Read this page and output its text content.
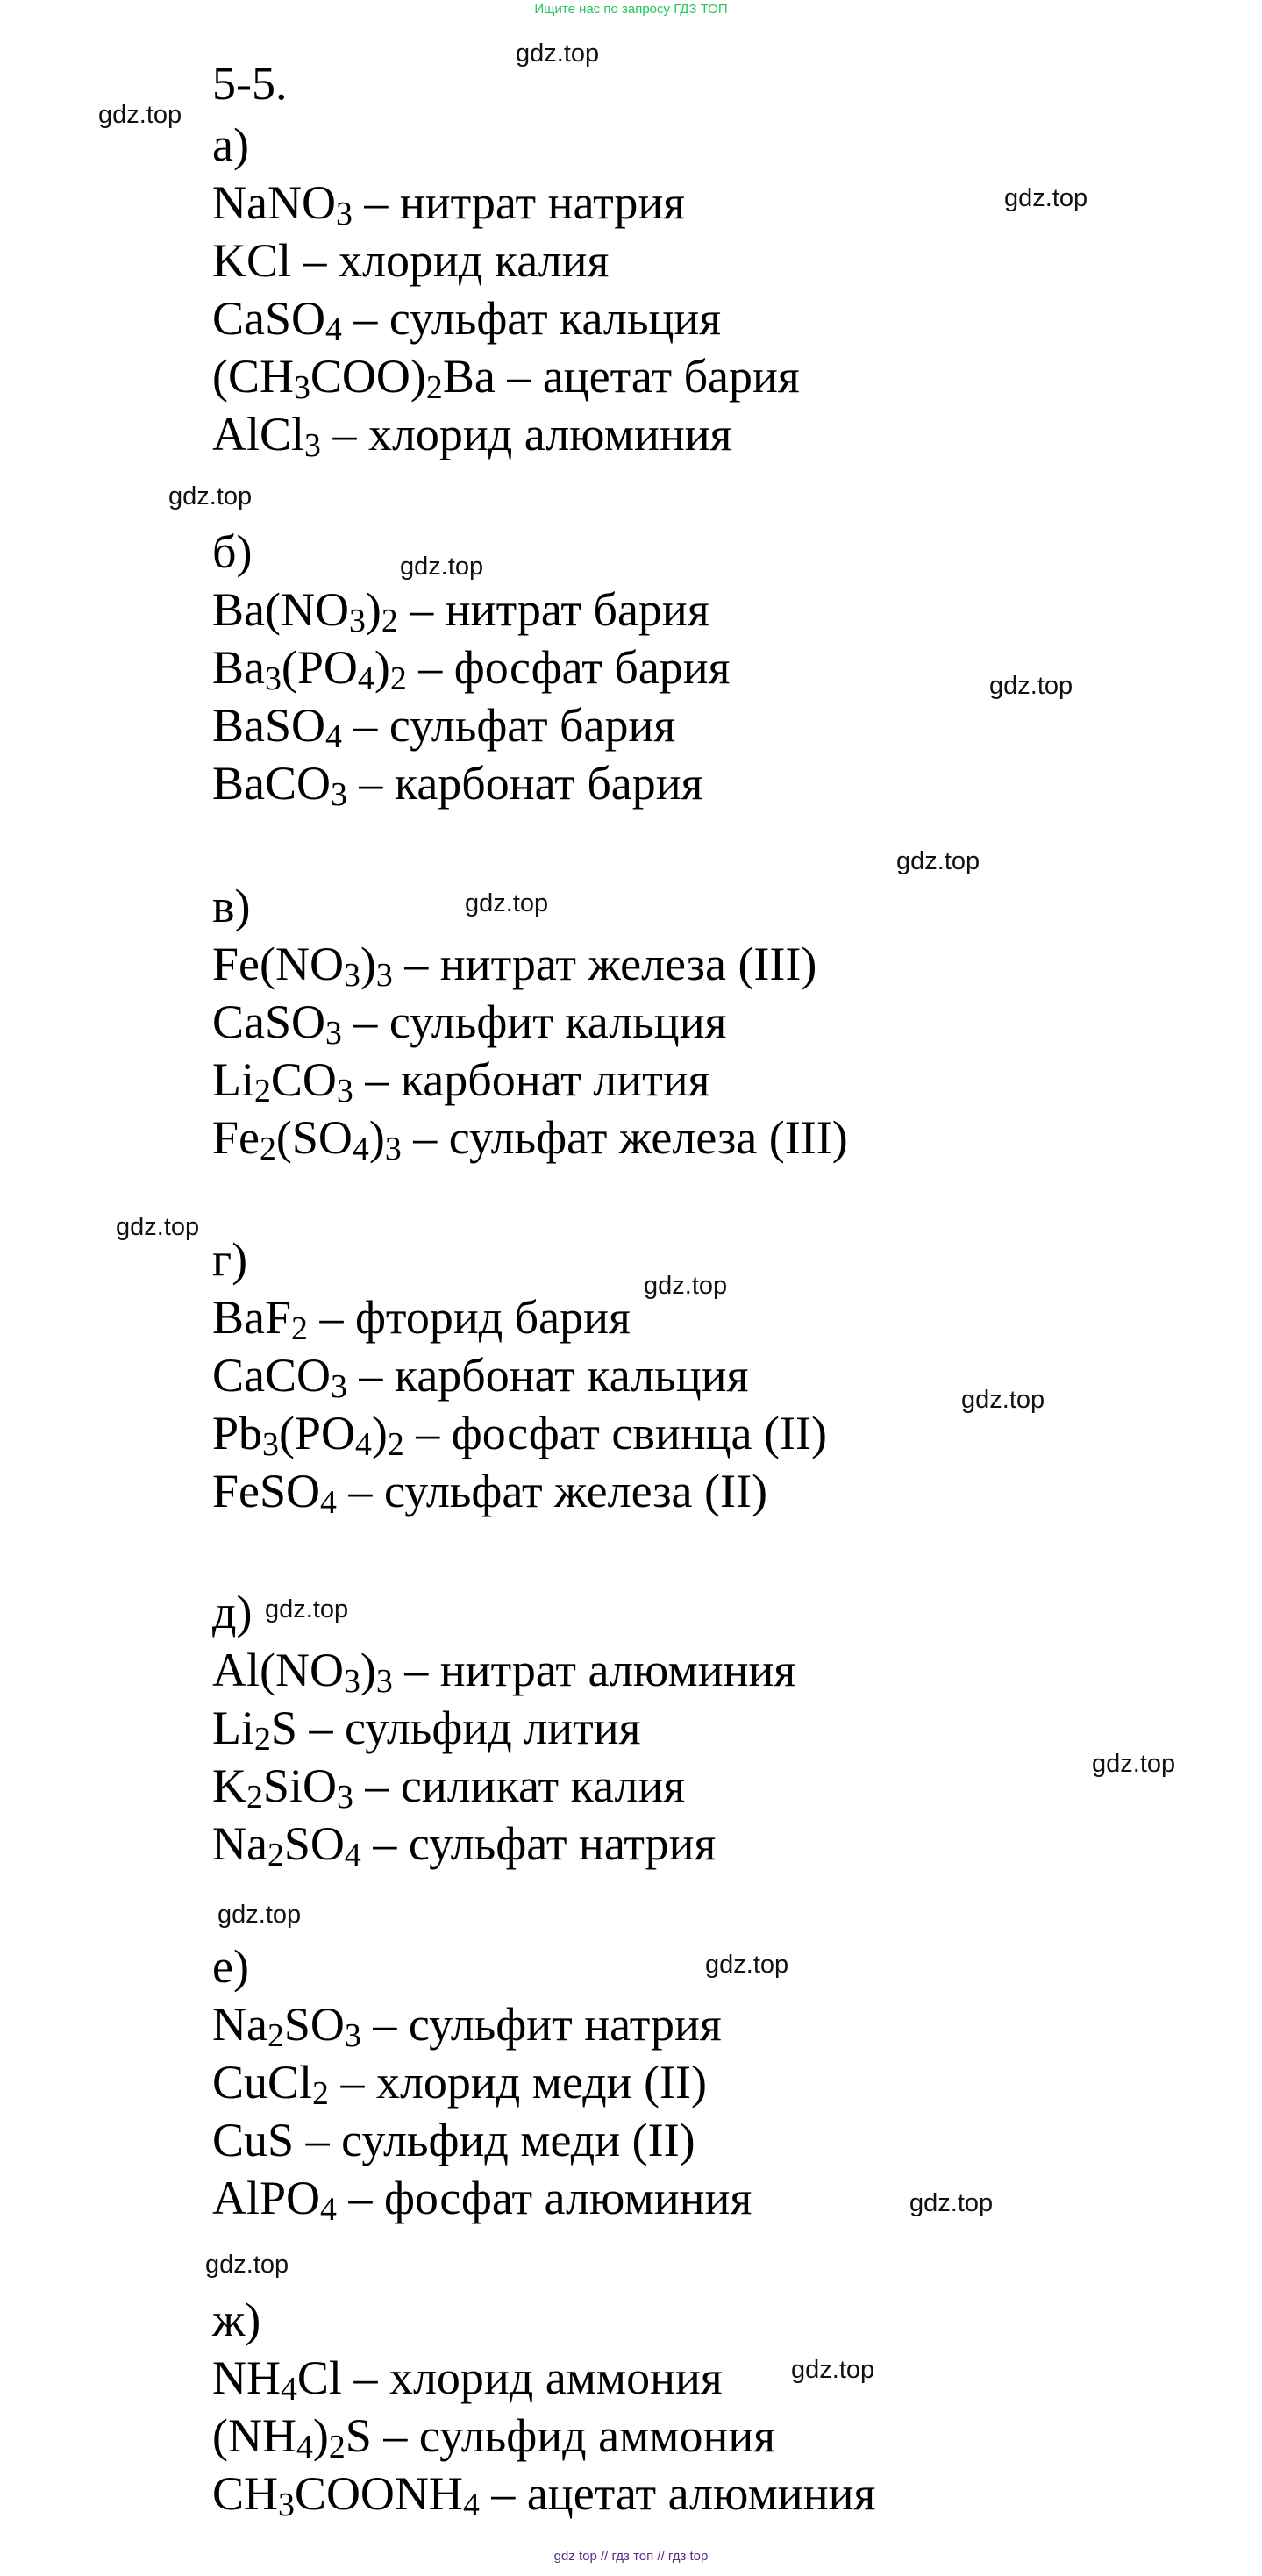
Ищите нас по запросу ГДЗ ТОП
gdz.top
gdz.top
gdz.top
gdz.top
gdz.top
gdz.top
gdz.top
gdz.top
gdz.top
gdz.top
gdz.top
gdz.top
gdz.top
gdz.top
gdz.top
gdz.top
gdz.top
gdz.top
5-5.
а)
NaNO$_3$ – нитрат натрия
KCl – хлорид калия
CaSO$_4$ – сульфат кальция
$(CH_3COO)_2Ba$ – ацетат бария
AlCl$_3$ – хлорид алюминия
б)
$Ba(NO_3)_2$ – нитрат бария
$Ba_3(PO_4)_2$ – фосфат бария
BaSO$_4$ – сульфат бария
BaCO$_3$ – карбонат бария
в)
$Fe(NO_3)_3$ – нитрат железа (III)
CaSO$_3$ – сульфит кальция
$Li_2CO_3$ – карбонат лития
$Fe_2(SO_4)_3$ – сульфат железа (III)
г)
BaF$_2$ – фторид бария
CaCO$_3$ – карбонат кальция
$Pb_3(PO_4)_2$ – фосфат свинца (II)
FeSO$_4$ – сульфат железа (II)
д)
$Al(NO_3)_3$ – нитрат алюминия
$Li_2S$ – сульфид лития
$K_2SiO_3$ – силикат калия
$Na_2SO_4$ – сульфат натрия
е)
$Na_2SO_3$ – сульфит натрия
CuCl$_2$ – хлорид меди (II)
CuS – сульфид меди (II)
AlPO$_4$ – фосфат алюминия
ж)
$NH_4Cl$ – хлорид аммония
$(NH_4)_2S$ – сульфид аммония
$CH_3COONH_4$ – ацетат алюминия
gdz top // гдз топ // гдз top
